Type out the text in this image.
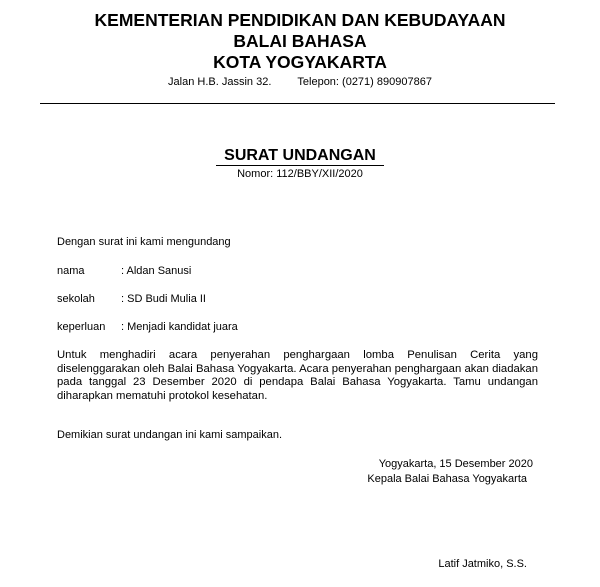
KEMENTERIAN PENDIDIKAN DAN KEBUDAYAAN
BALAI BAHASA
KOTA YOGYAKARTA
Jalan H.B. Jassin 32. Telepon: (0271) 890907867
SURAT UNDANGAN
Nomor: 112/BBY/XII/2020
Dengan surat ini kami mengundang
nama	: Aldan Sanusi
sekolah : SD Budi Mulia II
keperluan : Menjadi kandidat juara
Untuk menghadiri acara penyerahan penghargaan lomba Penulisan Cerita yang diselenggarakan oleh Balai Bahasa Yogyakarta. Acara penyerahan penghargaan akan diadakan pada tanggal 23 Desember 2020 di pendapa Balai Bahasa Yogyakarta. Tamu undangan diharapkan mematuhi protokol kesehatan.
Demikian surat undangan ini kami sampaikan.
Yogyakarta, 15 Desember 2020
Kepala Balai Bahasa Yogyakarta
Latif Jatmiko, S.S.
